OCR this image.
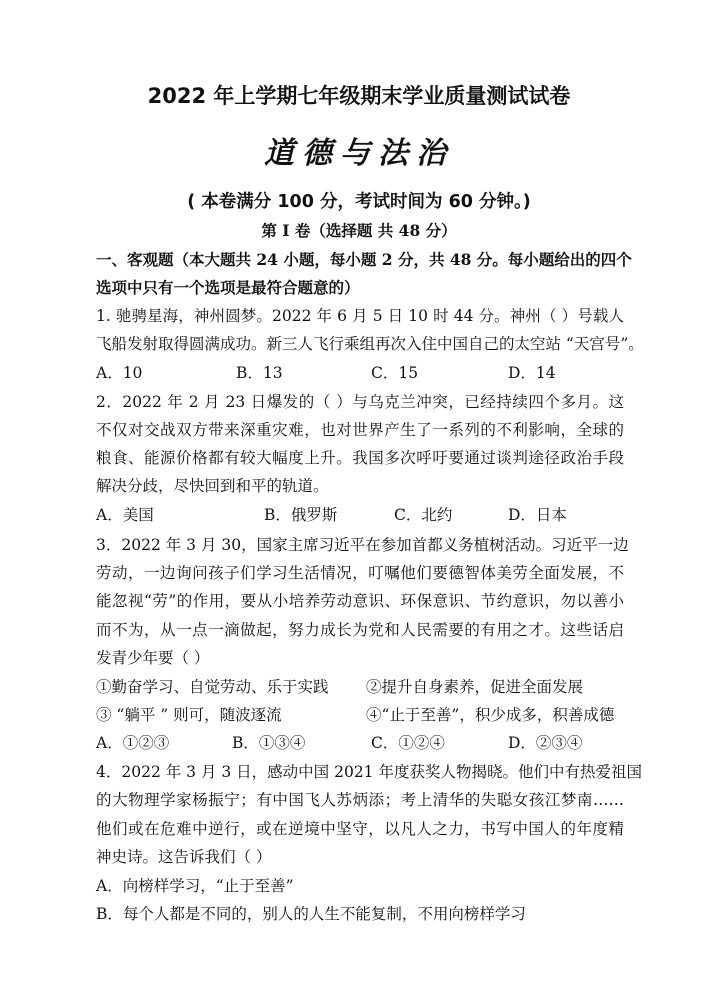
2022 年上学期七年级期末学业质量测试试卷
道德与法治
( 本卷满分 100 分，考试时间为 60 分钟。)
第 I 卷（选择题 共 48 分）
一、客观题（本大题共 24 小题，每小题 2 分，共 48 分。每小题给出的四个
选项中只有一个选项是最符合题意的）
1. 驰骋星海，神州圆梦。2022 年 6 月 5 日 10 时 44 分。神州（ ）号载人
飞船发射取得圆满成功。新三人飞行乘组再次入住中国自己的太空站 “天宫号”。
A．10	B．13	C．15	D．14
2．2022 年 2 月 23 日爆发的（ ）与乌克兰冲突，已经持续四个多月。这
不仅对交战双方带来深重灾难，也对世界产生了一系列的不利影响，全球的
粮食、能源价格都有较大幅度上升。我国多次呼吁要通过谈判途径政治手段
解决分歧，尽快回到和平的轨道。
A．美国	B．俄罗斯	C．北约	D．日本
3．2022 年 3 月 30，国家主席习近平在参加首都义务植树活动。习近平一边
劳动，一边询问孩子们学习生活情况，叮嘱他们要德智体美劳全面发展，不
能忽视“劳”的作用，要从小培养劳动意识、环保意识、节约意识，勿以善小
而不为，从一点一滴做起，努力成长为党和人民需要的有用之才。这些话启
发青少年要（ ）
①勤奋学习、自觉劳动、乐于实践 ②提升自身素养，促进全面发展
③ “躺平 ” 则可，随波逐流	④“止于至善”，积少成多，积善成德
A．①②③	B．①③④	C．①②④	D．②③④
4．2022 年 3 月 3 日，感动中国 2021 年度获奖人物揭晓。他们中有热爱祖国
的大物理学家杨振宁；有中国飞人苏炳添；考上清华的失聪女孩江梦南……
他们或在危难中逆行，或在逆境中坚守，以凡人之力，书写中国人的年度精
神史诗。这告诉我们（ ）
A．向榜样学习，“止于至善”
B．每个人都是不同的，别人的人生不能复制，不用向榜样学习
